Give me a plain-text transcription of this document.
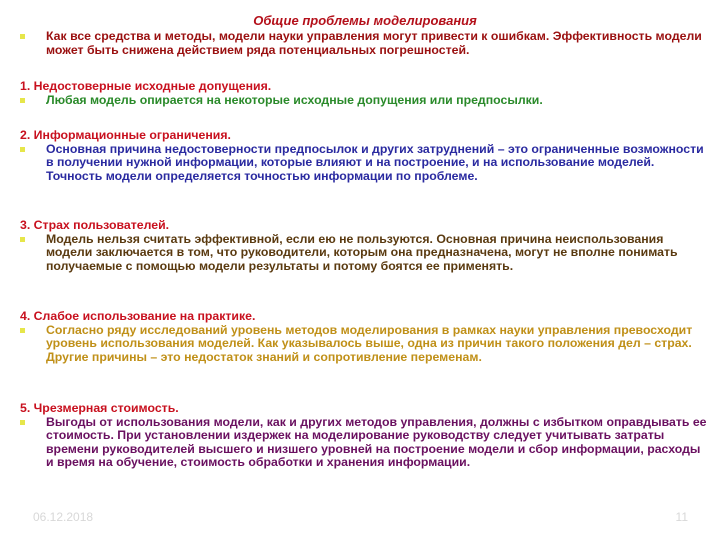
Общие проблемы моделирования
Как все средства и методы, модели науки управления могут привести к ошибкам. Эффективность модели может быть снижена действием ряда потенциальных погрешностей.
1. Недостоверные исходные допущения.
Любая модель опирается на некоторые исходные допущения или предпосылки.
2. Информационные ограничения.
Основная причина недостоверности предпосылок и других затруднений – это ограниченные возможности в получении нужной информации, которые влияют и на построение, и на использование моделей. Точность модели определяется точностью информации по проблеме.
3. Страх пользователей.
Модель нельзя считать эффективной, если ею не пользуются. Основная причина неиспользования модели заключается в том, что руководители, которым она предназначена, могут не вполне понимать получаемые с помощью модели результаты и потому боятся ее применять.
4. Слабое использование на практике.
Согласно ряду исследований уровень методов моделирования в рамках науки управления превосходит уровень использования моделей. Как указывалось выше, одна из причин такого положения дел – страх. Другие причины – это недостаток знаний и сопротивление переменам.
5. Чрезмерная стоимость.
Выгоды от использования модели, как и других методов управления, должны с избытком оправдывать ее стоимость. При установлении издержек на моделирование руководству следует учитывать затраты времени руководителей высшего и низшего уровней на построение модели и сбор информации, расходы и время на обучение, стоимость обработки и хранения информации.
06.12.2018	11
